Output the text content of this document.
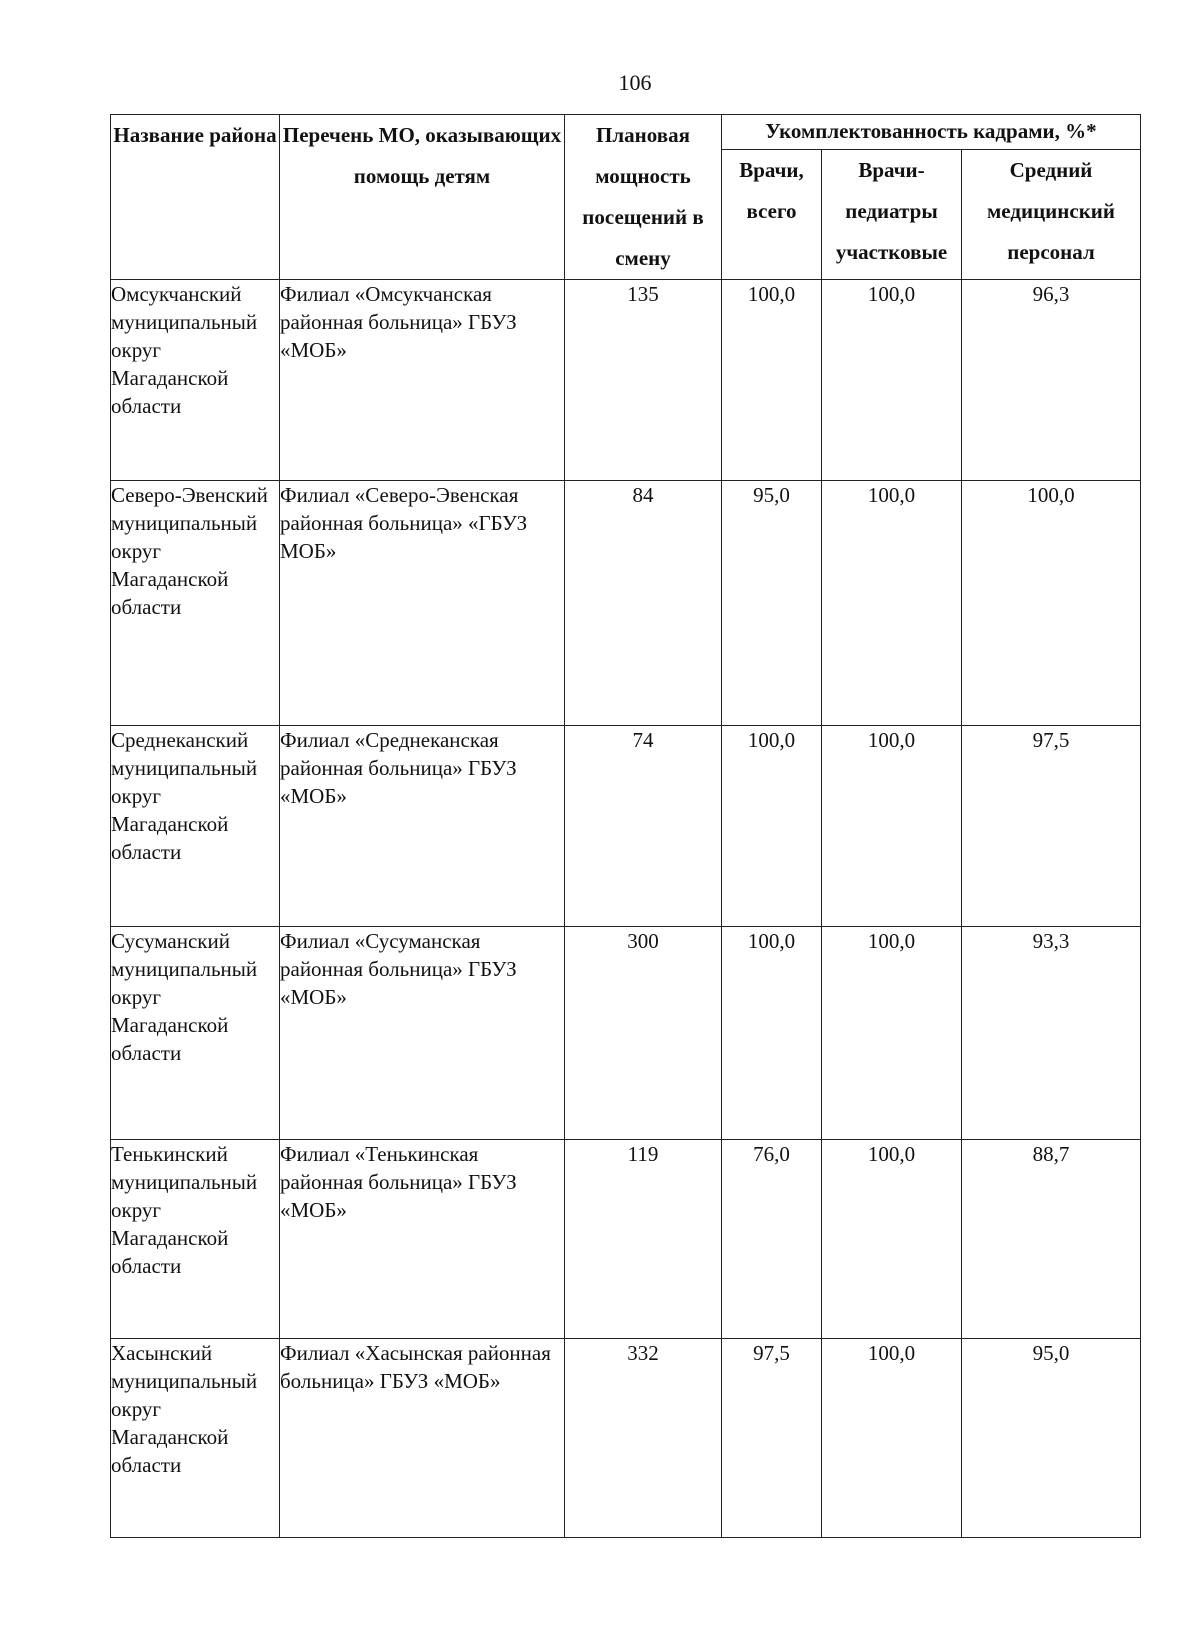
106
Название района	Перечень МО, оказывающих помощь детям	Плановая мощность посещений в смену	Укомплектованность кадрами, %*		
			Врачи, всего	Врачи-педиатры участковые	Средний медицинский персонал
Омсукчанский муниципальный округ Магаданской области	Филиал «Омсукчанская районная больница» ГБУЗ «МОБ»	135	100,0	100,0	96,3
Северо-Эвенский муниципальный округ Магаданской области	Филиал «Северо-Эвенская районная больница» «ГБУЗ МОБ»	84	95,0	100,0	100,0
Среднеканский муниципальный округ Магаданской области	Филиал «Среднеканская районная больница» ГБУЗ «МОБ»	74	100,0	100,0	97,5
Сусуманский муниципальный округ Магаданской области	Филиал «Сусуманская районная больница» ГБУЗ «МОБ»	300	100,0	100,0	93,3
Тенькинский муниципальный округ Магаданской области	Филиал «Тенькинская районная больница» ГБУЗ «МОБ»	119	76,0	100,0	88,7
Хасынский муниципальный округ Магаданской области	Филиал «Хасынская районная больница» ГБУЗ «МОБ»	332	97,5	100,0	95,0
